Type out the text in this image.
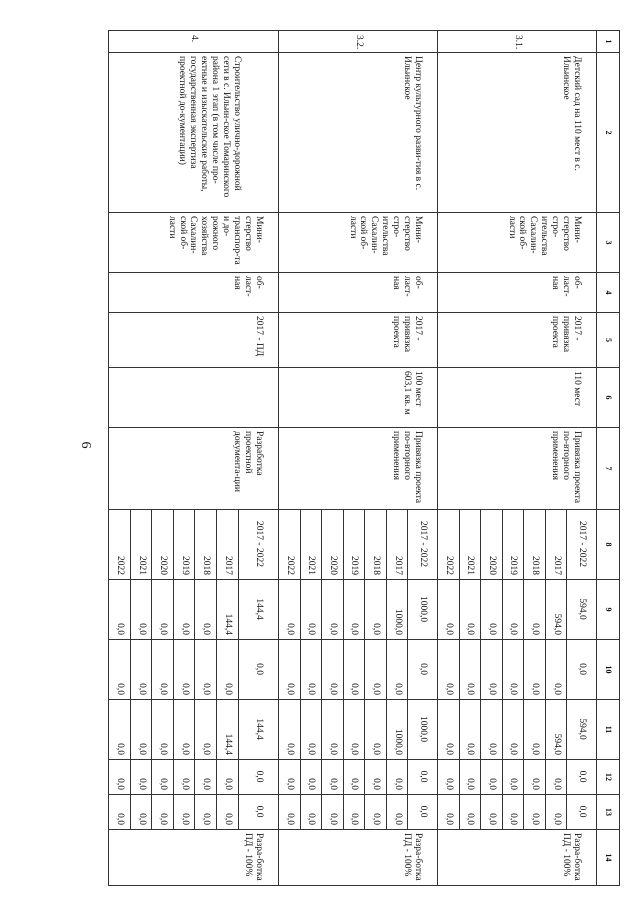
6
1	2	3	4	5	6	7	8	9	10	11	12	13	14
3.1.	Детский сад на 110 мест в с. Ильинское	Мини-стерство стро-ительства Сахалин-ской об-ласти	об-ласт-ная	2017 - привязка проекта	110 мест	Привязка проекта по-вторного применения	2017 - 2022	594,0	0,0	594,0	0,0	0,0	Разра-ботка ПД - 100%
							2017	594,0	0,0	594,0	0,0	0,0	
							2018	0,0	0,0	0,0	0,0	0,0	
							2019	0,0	0,0	0,0	0,0	0,0	
							2020	0,0	0,0	0,0	0,0	0,0	
							2021	0,0	0,0	0,0	0,0	0,0	
							2022	0,0	0,0	0,0	0,0	0,0	
3.2.	Центр культурного разви-тия в с. Ильинское	Мини-стерство стро-ительства Сахалин-ской об-ласти	об-ласт-ная	2017 - привязка проекта	100 мест 603,1 кв. м	Привязка проекта по-вторного применения	2017 - 2022	1000,0	0,0	1000,0	0,0	0,0	Разра-ботка ПД - 100%
							2017	1000,0	0,0	1000,0	0,0	0,0	
							2018	0,0	0,0	0,0	0,0	0,0	
							2019	0,0	0,0	0,0	0,0	0,0	
							2020	0,0	0,0	0,0	0,0	0,0	
							2021	0,0	0,0	0,0	0,0	0,0	
							2022	0,0	0,0	0,0	0,0	0,0	
4.	Строительство улично-дорожной сети в с. Ильин-ское Томаринского района 1 этап (в том числе про-ектные и изыскательские работы, государственная экспертиза проектной до-кументации)	Мини-стерство транспор-та и до-рожного хозяйства Сахалин-ской об-ласти	об-ласт-ная	2017 - ПД		Разработка проектной документа-ции	2017 - 2022	144,4	0,0	144,4	0,0	0,0	Разра-ботка ПД - 100%
							2017	144,4	0,0	144,4	0,0	0,0	
							2018	0,0	0,0	0,0	0,0	0,0	
							2019	0,0	0,0	0,0	0,0	0,0	
							2020	0,0	0,0	0,0	0,0	0,0	
							2021	0,0	0,0	0,0	0,0	0,0	
							2022	0,0	0,0	0,0	0,0	0,0	
